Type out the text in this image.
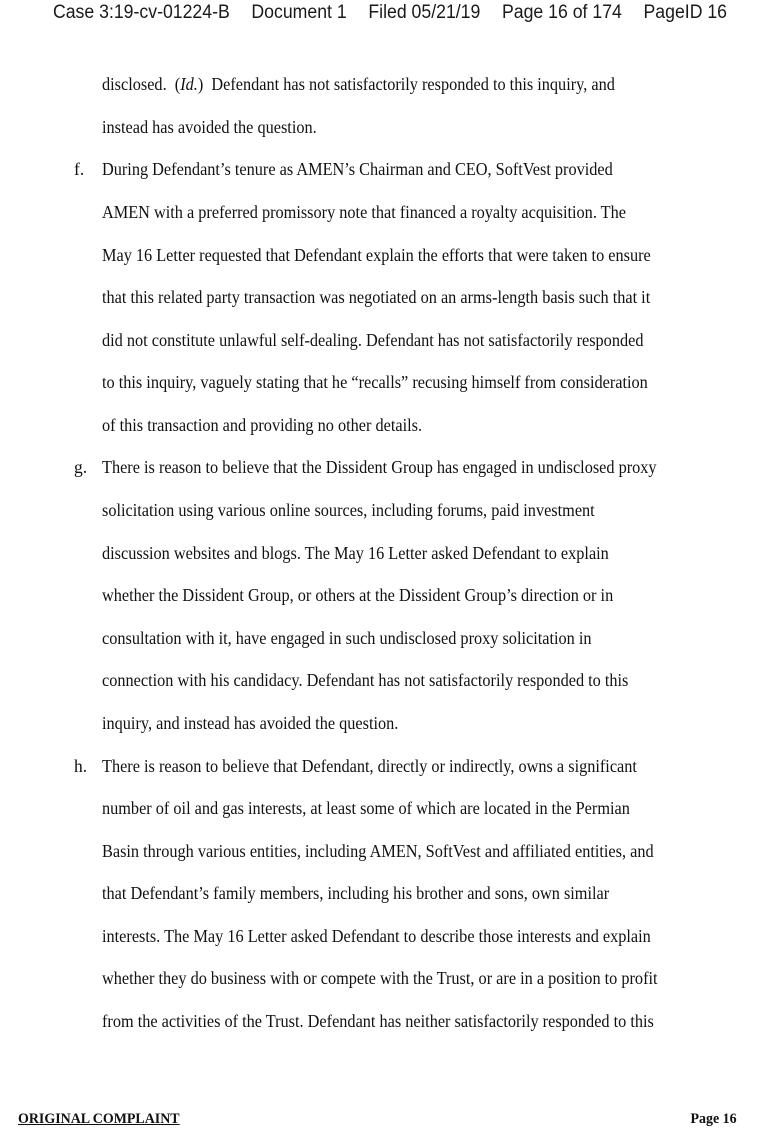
Case 3:19-cv-01224-B Document 1 Filed 05/21/19 Page 16 of 174 PageID 16
disclosed.  (Id.)  Defendant has not satisfactorily responded to this inquiry, and
instead has avoided the question.
f. During Defendant’s tenure as AMEN’s Chairman and CEO, SoftVest provided
AMEN with a preferred promissory note that financed a royalty acquisition. The
May 16 Letter requested that Defendant explain the efforts that were taken to ensure
that this related party transaction was negotiated on an arms-length basis such that it
did not constitute unlawful self-dealing. Defendant has not satisfactorily responded
to this inquiry, vaguely stating that he “recalls” recusing himself from consideration
of this transaction and providing no other details.
g. There is reason to believe that the Dissident Group has engaged in undisclosed proxy
solicitation using various online sources, including forums, paid investment
discussion websites and blogs. The May 16 Letter asked Defendant to explain
whether the Dissident Group, or others at the Dissident Group’s direction or in
consultation with it, have engaged in such undisclosed proxy solicitation in
connection with his candidacy. Defendant has not satisfactorily responded to this
inquiry, and instead has avoided the question.
h. There is reason to believe that Defendant, directly or indirectly, owns a significant
number of oil and gas interests, at least some of which are located in the Permian
Basin through various entities, including AMEN, SoftVest and affiliated entities, and
that Defendant’s family members, including his brother and sons, own similar
interests. The May 16 Letter asked Defendant to describe those interests and explain
whether they do business with or compete with the Trust, or are in a position to profit
from the activities of the Trust. Defendant has neither satisfactorily responded to this
ORIGINAL COMPLAINT	Page 16
